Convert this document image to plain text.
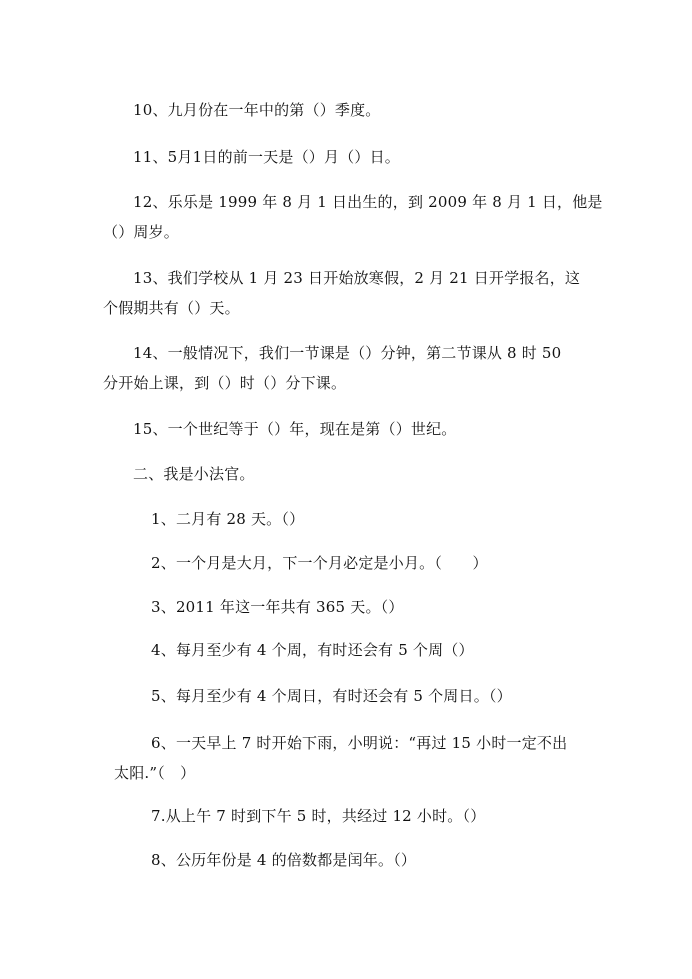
10、九月份在一年中的第（）季度。
11、5月1日的前一天是（）月（）日。
12、乐乐是 1999 年 8 月 1 日出生的，到 2009 年 8 月 1 日，他是
（）周岁。
13、我们学校从 1 月 23 日开始放寒假，2 月 21 日开学报名，这
个假期共有（）天。
14、一般情况下，我们一节课是（）分钟，第二节课从 8 时 50
分开始上课，到（）时（）分下课。
15、一个世纪等于（）年，现在是第（）世纪。
二、我是小法官。
1、二月有 28 天。（）
2、一个月是大月，下一个月必定是小月。（　　）
3、2011 年这一年共有 365 天。（）
4、每月至少有 4 个周，有时还会有 5 个周（）
5、每月至少有 4 个周日，有时还会有 5 个周日。（）
6、一天早上 7 时开始下雨，小明说：“再过 15 小时一定不出
太阳.”（　）
7.从上午 7 时到下午 5 时，共经过 12 小时。（）
8、公历年份是 4 的倍数都是闰年。（）
